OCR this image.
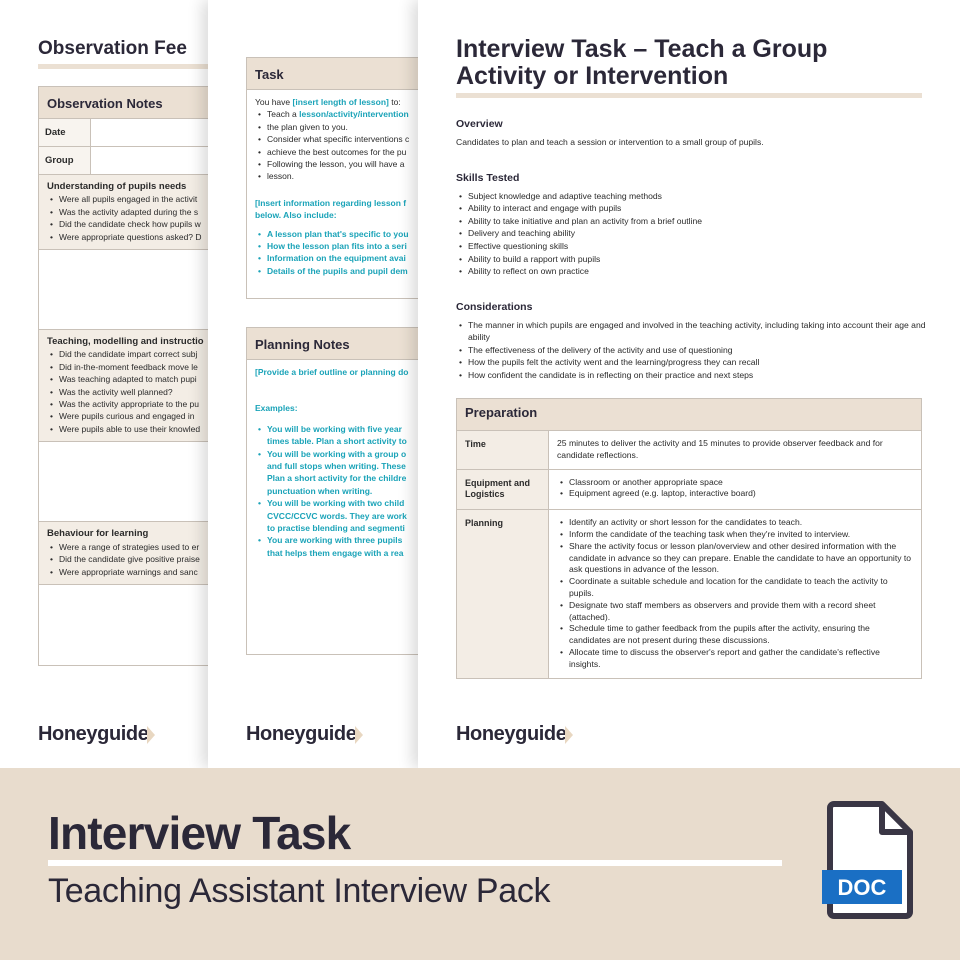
Observation Fee
Observation Notes
Date
Group
Understanding of pupils needs
• Were all pupils engaged in the activit
• Was the activity adapted during the s
• Did the candidate check how pupils w
• Were appropriate questions asked? D
Teaching, modelling and instructio
• Did the candidate impart correct subj
• Did in-the-moment feedback move le
• Was teaching adapted to match pupi
• Was the activity well planned?
• Was the activity appropriate to the pu
• Were pupils curious and engaged in
• Were pupils able to use their knowled
Behaviour for learning
• Were a range of strategies used to er
• Did the candidate give positive praise
• Were appropriate warnings and sanc
Honeyguide
Task
You have [insert length of lesson] to:
• Teach a lesson/activity/intervention
• the plan given to you.
• Consider what specific interventions c
• achieve the best outcomes for the pu
• Following the lesson, you will have a
• lesson.
[Insert information regarding lesson f
below. Also include:
• A lesson plan that's specific to you
• How the lesson plan fits into a seri
• Information on the equipment avai
• Details of the pupils and pupil dem
Planning Notes
[Provide a brief outline or planning do
Examples:
• You will be working with five year
times table. Plan a short activity to
• You will be working with a group o
and full stops when writing. These
Plan a short activity for the childre
punctuation when writing.
• You will be working with two child
CVCC/CCVC words. They are work
to practise blending and segmenti
• You are working with three pupils
that helps them engage with a rea
Honeyguide
Interview Task – Teach a Group
Activity or Intervention
Overview
Candidates to plan and teach a session or intervention to a small group of pupils.
Skills Tested
• Subject knowledge and adaptive teaching methods
• Ability to interact and engage with pupils
• Ability to take initiative and plan an activity from a brief outline
• Delivery and teaching ability
• Effective questioning skills
• Ability to build a rapport with pupils
• Ability to reflect on own practice
Considerations
• The manner in which pupils are engaged and involved in the teaching activity, including taking into account their age and ability
• The effectiveness of the delivery of the activity and use of questioning
• How the pupils felt the activity went and the learning/progress they can recall
• How confident the candidate is in reflecting on their practice and next steps
Preparation
Time	25 minutes to deliver the activity and 15 minutes to provide observer feedback and for candidate reflections.
Equipment and Logistics
• Classroom or another appropriate space
• Equipment agreed (e.g. laptop, interactive board)
Planning
•	Identify an activity or short lesson for the candidates to teach.
• Inform the candidate of the teaching task when they're invited to interview.
• Share the activity focus or lesson plan/overview and other desired information with the candidate in advance so they can prepare. Enable the candidate to have an opportunity to ask questions in advance of the lesson.
• Coordinate a suitable schedule and location for the candidate to teach the activity to pupils.
• Designate two staff members as observers and provide them with a record sheet (attached).
• Schedule time to gather feedback from the pupils after the activity, ensuring the candidates are not present during these discussions.
• Allocate time to discuss the observer's report and gather the candidate's reflective insights.
Honeyguide
Interview Task
Teaching Assistant Interview Pack	DOC
